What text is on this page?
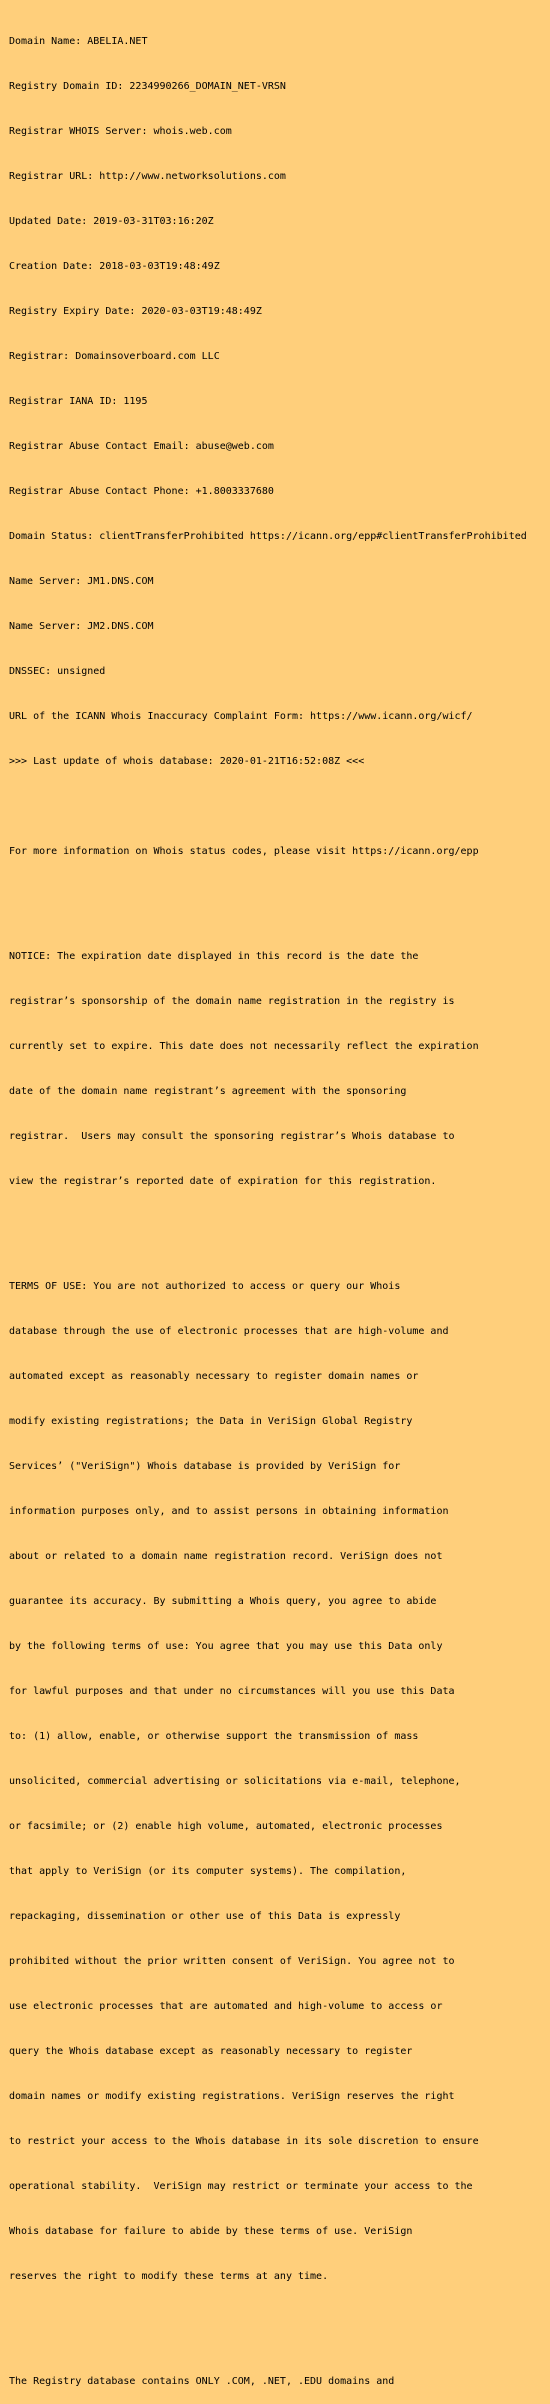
Domain Name: ABELIA.NET

Registry Domain ID: 2234990266_DOMAIN_NET-VRSN

Registrar WHOIS Server: whois.web.com

Registrar URL: http://www.networksolutions.com

Updated Date: 2019-03-31T03:16:20Z

Creation Date: 2018-03-03T19:48:49Z

Registry Expiry Date: 2020-03-03T19:48:49Z

Registrar: Domainsoverboard.com LLC

Registrar IANA ID: 1195

Registrar Abuse Contact Email: abuse@web.com

Registrar Abuse Contact Phone: +1.8003337680

Domain Status: clientTransferProhibited https://icann.org/epp#clientTransferProhibited

Name Server: JM1.DNS.COM

Name Server: JM2.DNS.COM

DNSSEC: unsigned

URL of the ICANN Whois Inaccuracy Complaint Form: https://www.icann.org/wicf/

>>> Last update of whois database: 2020-01-21T16:52:08Z <<<

For more information on Whois status codes, please visit https://icann.org/epp

NOTICE: The expiration date displayed in this record is the date the

registrar’s sponsorship of the domain name registration in the registry is

currently set to expire. This date does not necessarily reflect the expiration

date of the domain name registrant’s agreement with the sponsoring

registrar.  Users may consult the sponsoring registrar’s Whois database to

view the registrar’s reported date of expiration for this registration.

TERMS OF USE: You are not authorized to access or query our Whois

database through the use of electronic processes that are high-volume and

automated except as reasonably necessary to register domain names or

modify existing registrations; the Data in VeriSign Global Registry

Services’ ("VeriSign") Whois database is provided by VeriSign for

information purposes only, and to assist persons in obtaining information

about or related to a domain name registration record. VeriSign does not

guarantee its accuracy. By submitting a Whois query, you agree to abide

by the following terms of use: You agree that you may use this Data only

for lawful purposes and that under no circumstances will you use this Data

to: (1) allow, enable, or otherwise support the transmission of mass

unsolicited, commercial advertising or solicitations via e-mail, telephone,

or facsimile; or (2) enable high volume, automated, electronic processes

that apply to VeriSign (or its computer systems). The compilation,

repackaging, dissemination or other use of this Data is expressly

prohibited without the prior written consent of VeriSign. You agree not to

use electronic processes that are automated and high-volume to access or

query the Whois database except as reasonably necessary to register

domain names or modify existing registrations. VeriSign reserves the right

to restrict your access to the Whois database in its sole discretion to ensure

operational stability.  VeriSign may restrict or terminate your access to the

Whois database for failure to abide by these terms of use. VeriSign

reserves the right to modify these terms at any time.

The Registry database contains ONLY .COM, .NET, .EDU domains and
